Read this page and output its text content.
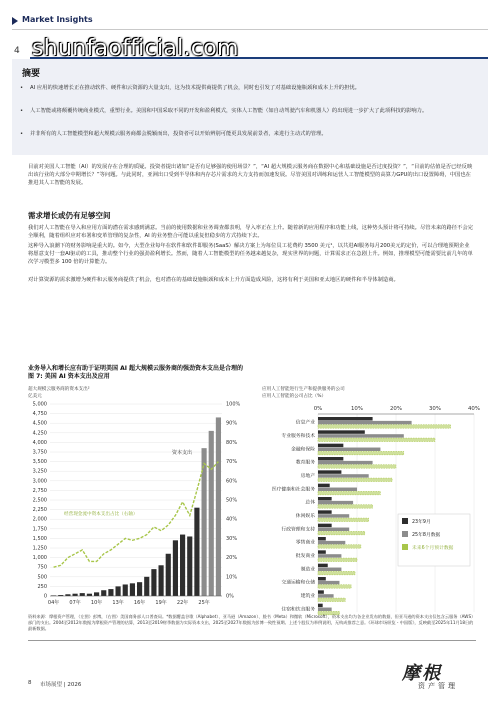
Market Insights
4 shunfaofficial.com
摘要
• AI 应用的快速增长正在推动软件、硬件和云资源的大量支出，这为技术提供商提供了机会，同时也引发了对基础设施瓶颈和成本上升的担忧。
• 人工智能或将颠覆传统商业模式，重塑行业。美国和中国采取不同的开发和盈利模式，实体人工智能（如自动驾驶汽车和机器人）的出现进一步扩大了此项科技的影响力。
• 并非所有的人工智能模型和超大规模云服务商都会脱颖而出，投资者可以开始辨别可能更具发展前景者，来进行主动式的管理。
目前对美国人工智能（AI）的发展存在合理的质疑。投资者提出诸如“是否有足够强的使用场景？”，“AI 超大规模云服务商在数据中心和基础设施是否过度投资？”，“目前的估值是否已经反映出该行业的大部分中期增长？”等问题。与此同时，亚洲出口受到半导体和内存芯片需求的大力支持而加速发展。尽管美国对训练和运营人工智能模型的高算力GPU的出口设置障碍，中国也在推进其人工智能的发展。
需求增长或仍有足够空间
我们对人工智能在导入和应用方面的潜在需求感到满意。当前的使用数据和业务调查都表明，导入率正在上升。随着新的应用程序和功能上线，这种势头预计将可持续。尽管未来的路径不会完全顺利，随着组织应对布署和变革管理的复杂性，AI 的业务整合可能以重复但稳步的方式持续下去。
这种导入浪潮下的财务影响是重大的。如今，大型企业每年在软件和软件即服务(SaaS）解决方案上为每位员工花费约 3500 美元¹，以共进AI服务每月200美元的定价，可以合理地预期企业将愿意支付一套AI驱动的工具，推动整个行业的强劲盈利增长。然而，随着人工智能模型的任务越来越复杂，现实世界的问题，计算需求正在急剧上升。例如，推理模型可能需要比前几年的单次学习模型多 100 倍的计算能力。
对计算资源的需求激增为硬件和云服务商提供了机会，也对潜在的基础设施瓶颈和成本上升方面造成风险，这将有利于美国和亚太地区的硬件和半导体制造商。
业务导入和增长应有助于证明美国 AI 超大规模云服务商的强劲资本支出是合理的
图 7: 美国 AI 资本支出及应用
超大规模云服务商的资本支出²
亿美元
应用人工智能进行生产和提供服务的公司
应用人工智能的公司占比（%）
0
250
500
750
1,000
1,250
1,500
1,750
2,000
2,250
2,500
2,750
3,000
3,250
3,500
3,750
4,000
4,250
4,500
4,750
5,000
0%
10%
20%
30%
40%
50%
60%
70%
80%
90%
100%
04年 07年 10年 13年 16年 19年 22年 25年
资本支出
经营现金流中资本支出占比（右轴）
0%	10%	20%	30%	40%
信息产业
专业服务和技术
金融和保险
教育服务
房地产
医疗健康和社会服务
总体
休闲娱乐
行政管理和支持
零售商业
批发商业
制造业
交通运输和仓储
建筑业
住宿和饮食服务
23年9月
25年8月数据
未来6个月预计数据
资料来源：摩根资产管理，（左图）彭博，（右图）美国商务部人口普查局。*数据覆盖谷歌（Alphabet）、亚马逊（Amazon）、脸书（Meta）和微软（Microsoft），资本支出均为各企业发布的数据，但亚马逊的资本支出仅包含云服务（AWS）部门的支出。2004至2012年数据为摩根资产管理的估算，2013至2019财季数据为实际资本支出，2025至2027年数据为彭博一致性预期。上述个股仅为举例说明，无构成推荐之意。《环球市场纵览 - 中国版》，反映截至2025年11月18日的最新数据。
8 市场展望 | 2026
摩根
资产管理
